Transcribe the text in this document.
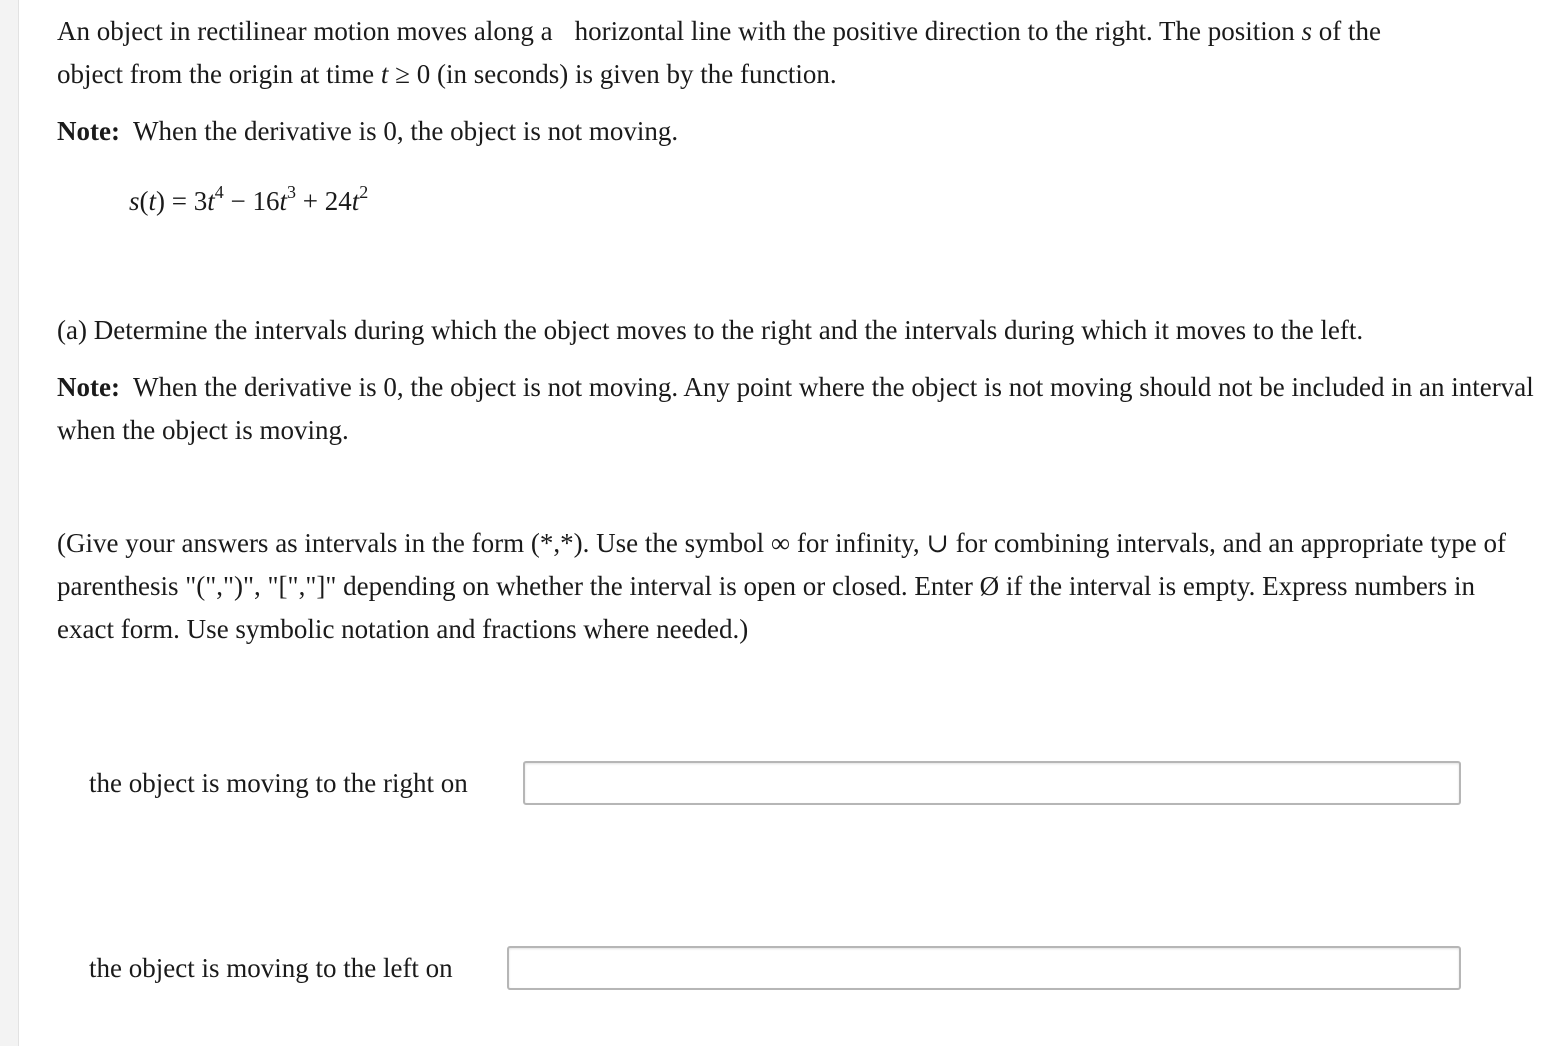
An object in rectilinear motion moves along a horizontal line with the positive direction to the right. The position s of the

object from the origin at time t ≥ 0 (in seconds) is given by the function.

Note: When the derivative is 0, the object is not moving.

$s(t) = 3t^4 - 16t^3 + 24t^2$

(a) Determine the intervals during which the object moves to the right and the intervals during which it moves to the left.

Note: When the derivative is 0, the object is not moving. Any point where the object is not moving should not be included in an interval when the object is moving.

(Give your answers as intervals in the form (*,*). Use the symbol ∞ for infinity, ∪ for combining intervals, and an appropriate type of parenthesis "(",")", "[","]" depending on whether the interval is open or closed. Enter Ø if the interval is empty. Express numbers in exact form. Use symbolic notation and fractions where needed.)

the object is moving to the right on
the object is moving to the left on
